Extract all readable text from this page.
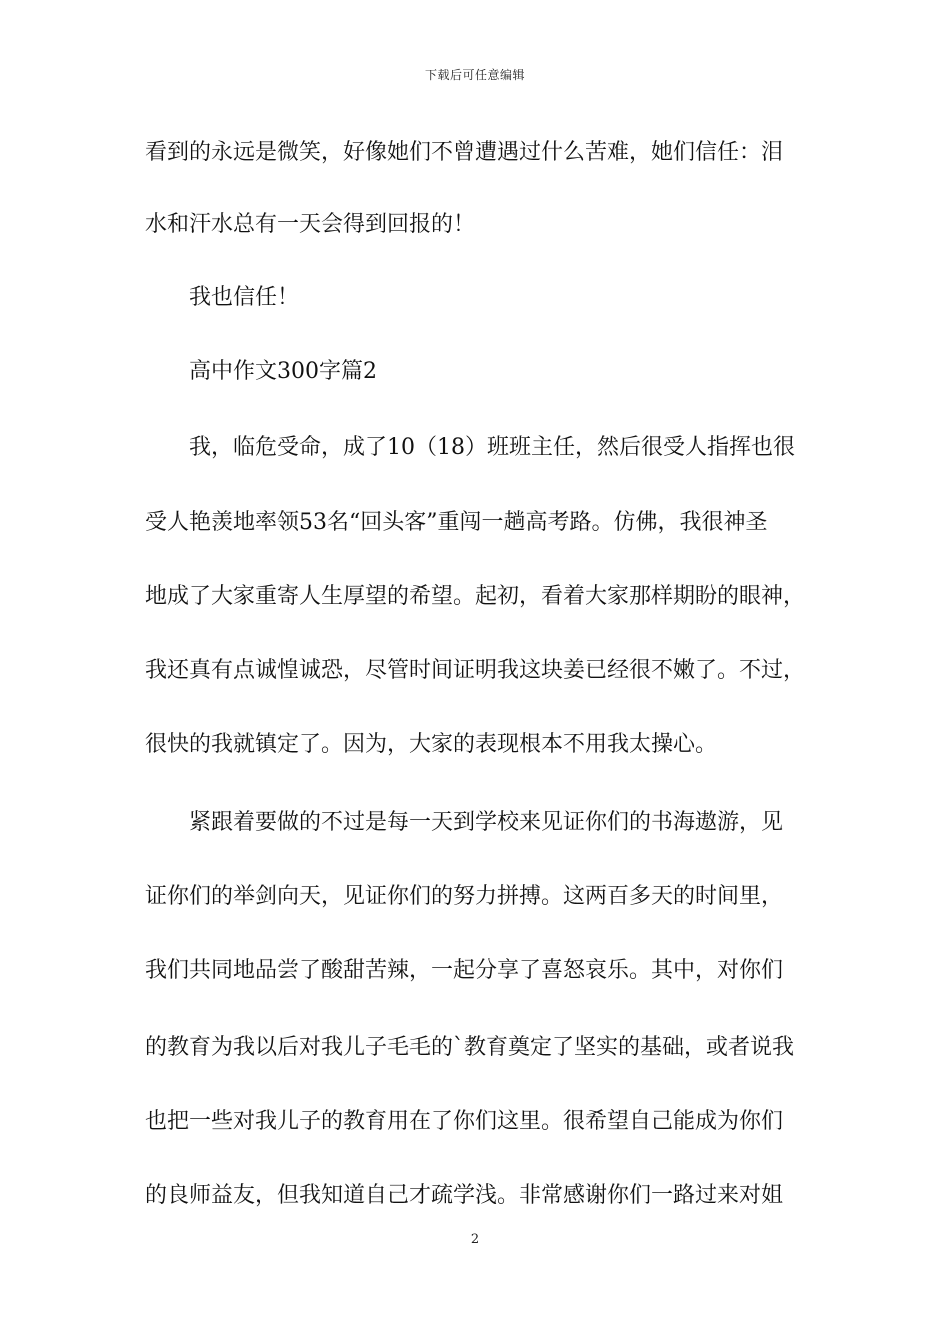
下载后可任意编辑
看到的永远是微笑，好像她们不曾遭遇过什么苦难，她们信任：泪
水和汗水总有一天会得到回报的！
我也信任！
高中作文300字篇2
我，临危受命，成了10（18）班班主任，然后很受人指挥也很
受人艳羡地率领53名“回头客”重闯一趟高考路。仿佛，我很神圣
地成了大家重寄人生厚望的希望。起初，看着大家那样期盼的眼神，
我还真有点诚惶诚恐，尽管时间证明我这块姜已经很不嫩了。不过，
很快的我就镇定了。因为，大家的表现根本不用我太操心。
紧跟着要做的不过是每一天到学校来见证你们的书海遨游，见
证你们的举剑向天，见证你们的努力拼搏。这两百多天的时间里，
我们共同地品尝了酸甜苦辣，一起分享了喜怒哀乐。其中，对你们
的教育为我以后对我儿子毛毛的`教育奠定了坚实的基础，或者说我
也把一些对我儿子的教育用在了你们这里。很希望自己能成为你们
的良师益友，但我知道自己才疏学浅。非常感谢你们一路过来对姐
2
